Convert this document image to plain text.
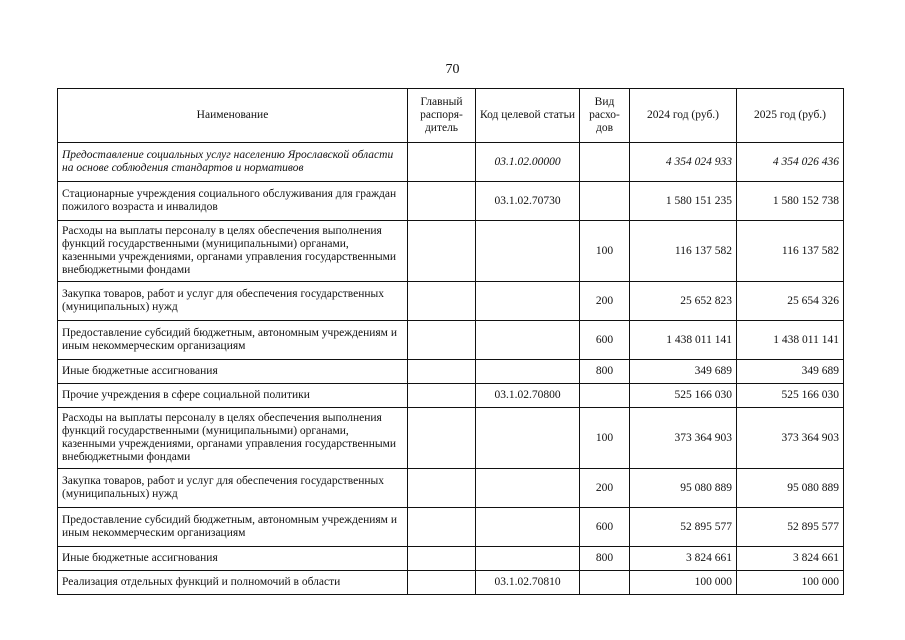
70
Наименование	Главный распоря-дитель	Код целевой статьи	Вид расхо-дов	2024 год (руб.)	2025 год (руб.)
Предоставление социальных услуг населению Ярославской области на основе соблюдения стандартов и нормативов		03.1.02.00000		4 354 024 933	4 354 026 436
Стационарные учреждения социального обслуживания для граждан пожилого возраста и инвалидов		03.1.02.70730		1 580 151 235	1 580 152 738
Расходы на выплаты персоналу в целях обеспечения выполнения функций государственными (муниципальными) органами, казенными учреждениями, органами управления государственными внебюджетными фондами			100	116 137 582	116 137 582
Закупка товаров, работ и услуг для обеспечения государственных (муниципальных) нужд			200	25 652 823	25 654 326
Предоставление субсидий бюджетным, автономным учреждениям и иным некоммерческим организациям			600	1 438 011 141	1 438 011 141
Иные бюджетные ассигнования			800	349 689	349 689
Прочие учреждения в сфере социальной политики		03.1.02.70800		525 166 030	525 166 030
Расходы на выплаты персоналу в целях обеспечения выполнения функций государственными (муниципальными) органами, казенными учреждениями, органами управления государственными внебюджетными фондами			100	373 364 903	373 364 903
Закупка товаров, работ и услуг для обеспечения государственных (муниципальных) нужд			200	95 080 889	95 080 889
Предоставление субсидий бюджетным, автономным учреждениям и иным некоммерческим организациям			600	52 895 577	52 895 577
Иные бюджетные ассигнования			800	3 824 661	3 824 661
Реализация отдельных функций и полномочий в области		03.1.02.70810		100 000	100 000
